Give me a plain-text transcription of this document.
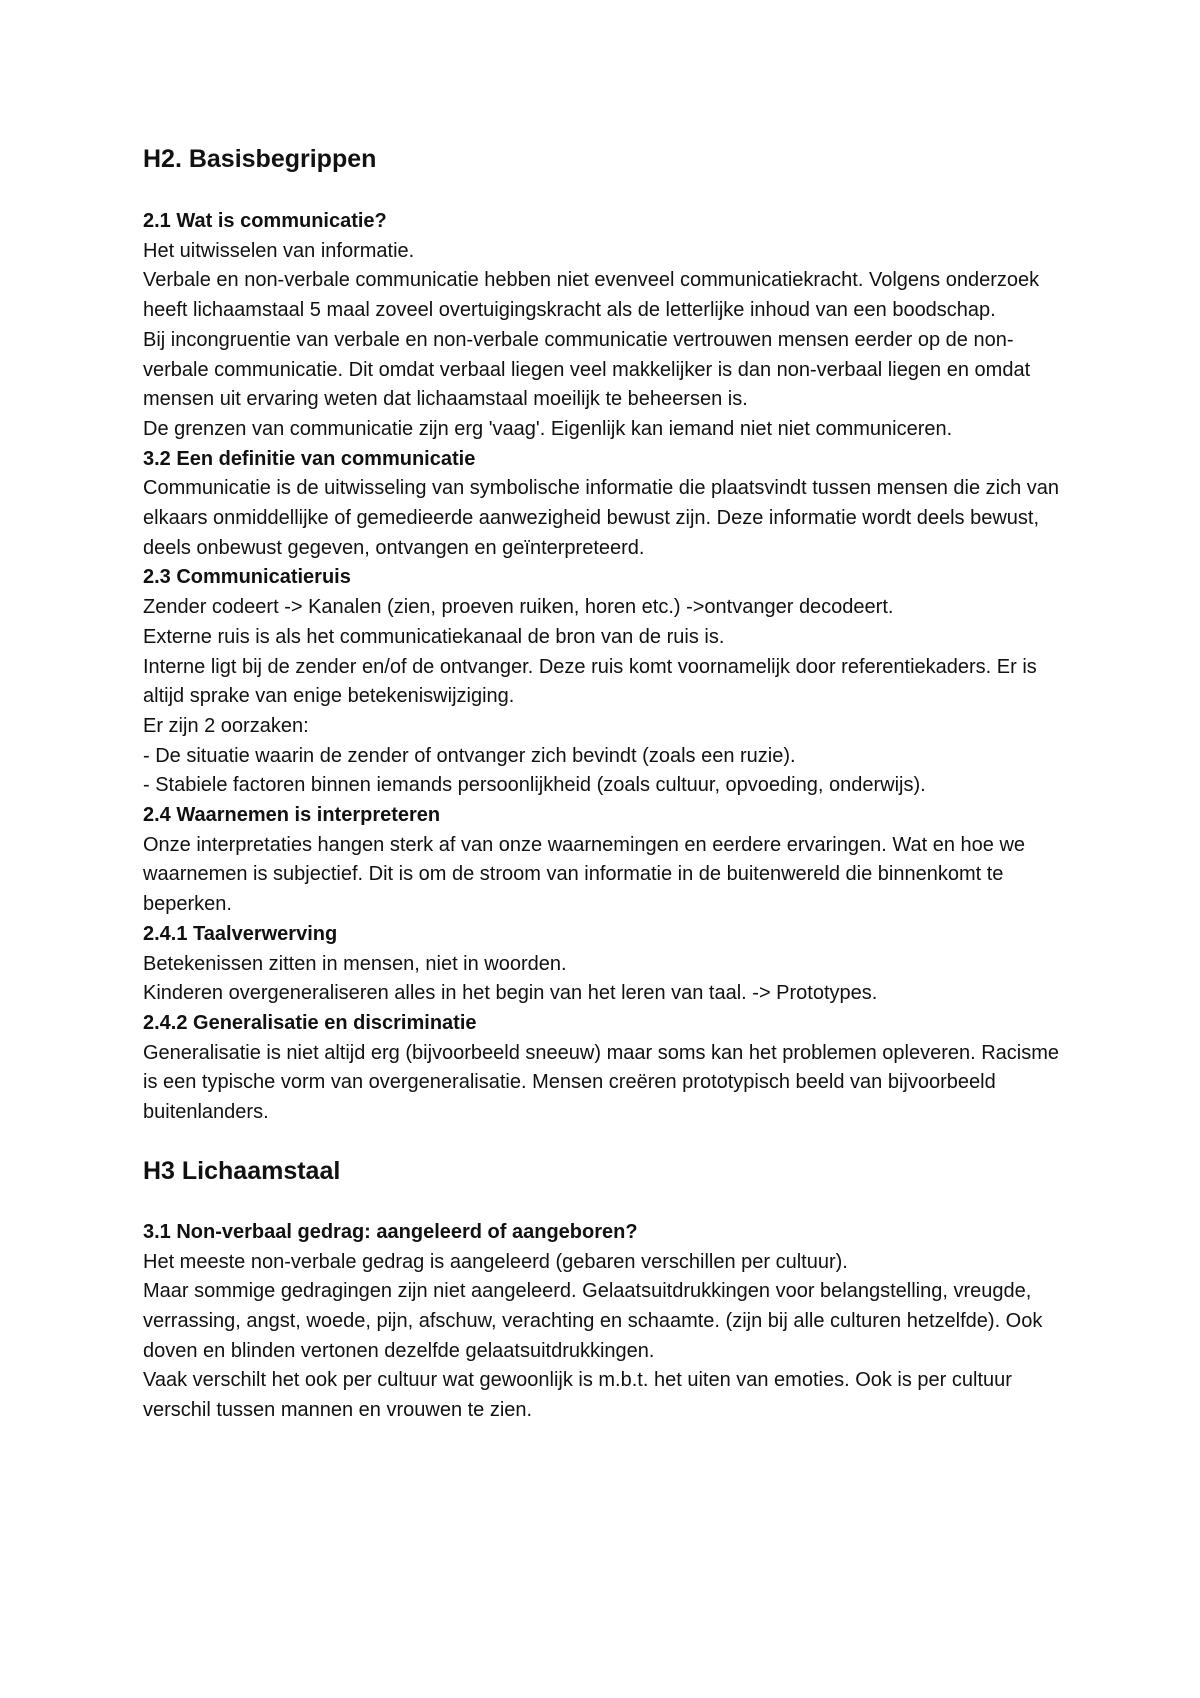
H2. Basisbegrippen

2.1 Wat is communicatie?

Het uitwisselen van informatie.

Verbale en non-verbale communicatie hebben niet evenveel communicatiekracht. Volgens onderzoek heeft lichaamstaal 5 maal zoveel overtuigingskracht als de letterlijke inhoud van een boodschap.

Bij incongruentie van verbale en non-verbale communicatie vertrouwen mensen eerder op de non-verbale communicatie. Dit omdat verbaal liegen veel makkelijker is dan non-verbaal liegen en omdat mensen uit ervaring weten dat lichaamstaal moeilijk te beheersen is.

De grenzen van communicatie zijn erg 'vaag'. Eigenlijk kan iemand niet niet communiceren.

3.2 Een definitie van communicatie

Communicatie is de uitwisseling van symbolische informatie die plaatsvindt tussen mensen die zich van elkaars onmiddellijke of gemedieerde aanwezigheid bewust zijn. Deze informatie wordt deels bewust, deels onbewust gegeven, ontvangen en geïnterpreteerd.

2.3 Communicatieruis

Zender codeert -> Kanalen (zien, proeven ruiken, horen etc.) ->ontvanger decodeert.

Externe ruis is als het communicatiekanaal de bron van de ruis is.

Interne ligt bij de zender en/of de ontvanger. Deze ruis komt voornamelijk door referentiekaders. Er is altijd sprake van enige betekeniswijziging.

Er zijn 2 oorzaken:

- De situatie waarin de zender of ontvanger zich bevindt (zoals een ruzie).

- Stabiele factoren binnen iemands persoonlijkheid (zoals cultuur, opvoeding, onderwijs).

2.4 Waarnemen is interpreteren

Onze interpretaties hangen sterk af van onze waarnemingen en eerdere ervaringen. Wat en hoe we waarnemen is subjectief. Dit is om de stroom van informatie in de buitenwereld die binnenkomt te beperken.

2.4.1 Taalverwerving

Betekenissen zitten in mensen, niet in woorden.

Kinderen overgeneraliseren alles in het begin van het leren van taal. -> Prototypes.

2.4.2 Generalisatie en discriminatie

Generalisatie is niet altijd erg (bijvoorbeeld sneeuw) maar soms kan het problemen opleveren. Racisme is een typische vorm van overgeneralisatie. Mensen creëren prototypisch beeld van bijvoorbeeld buitenlanders.

H3 Lichaamstaal

3.1 Non-verbaal gedrag: aangeleerd of aangeboren?

Het meeste non-verbale gedrag is aangeleerd (gebaren verschillen per cultuur).

Maar sommige gedragingen zijn niet aangeleerd. Gelaatsuitdrukkingen voor belangstelling, vreugde, verrassing, angst, woede, pijn, afschuw, verachting en schaamte. (zijn bij alle culturen hetzelfde). Ook doven en blinden vertonen dezelfde gelaatsuitdrukkingen.

Vaak verschilt het ook per cultuur wat gewoonlijk is m.b.t. het uiten van emoties. Ook is per cultuur verschil tussen mannen en vrouwen te zien.
